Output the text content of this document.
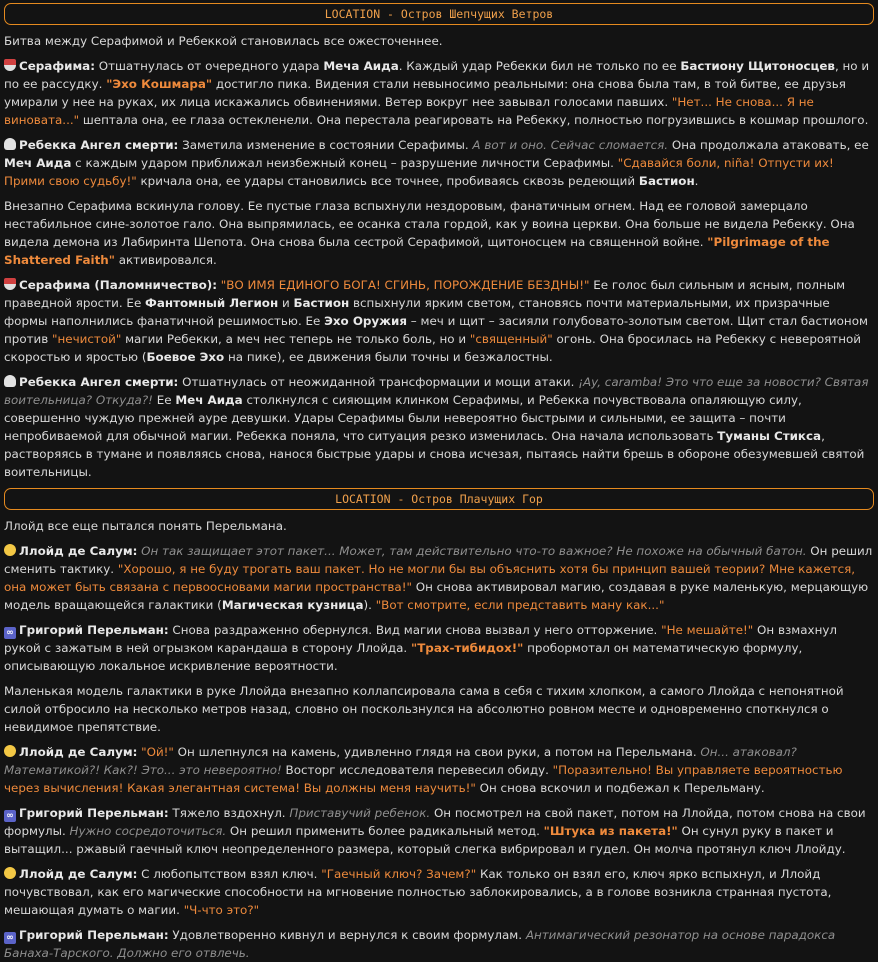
LOCATION - Остров Шепчущих Ветров
Битва между Серафимой и Ребеккой становилась все ожесточеннее.
Серафима: Отшатнулась от очередного удара Меча Аида. Каждый удар Ребекки бил не только по ее Бастиону Щитоносцев, но и по ее рассудку. "Эхо Кошмара" достигло пика. Видения стали невыносимо реальными: она снова была там, в той битве, ее друзья умирали у нее на руках, их лица искажались обвинениями. Ветер вокруг нее завывал голосами павших. "Нет... Не снова... Я не виновата..." шептала она, ее глаза остекленели. Она перестала реагировать на Ребекку, полностью погрузившись в кошмар прошлого.
Ребекка Ангел смерти: Заметила изменение в состоянии Серафимы. А вот и оно. Сейчас сломается. Она продолжала атаковать, ее Меч Аида с каждым ударом приближал неизбежный конец – разрушение личности Серафимы. "Сдавайся боли, niña! Отпусти их! Прими свою судьбу!" кричала она, ее удары становились все точнее, пробиваясь сквозь редеющий Бастион.
Внезапно Серафима вскинула голову. Ее пустые глаза вспыхнули нездоровым, фанатичным огнем. Над ее головой замерцало нестабильное сине-золотое гало. Она выпрямилась, ее осанка стала гордой, как у воина церкви. Она больше не видела Ребекку. Она видела демона из Лабиринта Шепота. Она снова была сестрой Серафимой, щитоносцем на священной войне. "Pilgrimage of the Shattered Faith" активировался.
Серафима (Паломничество): "ВО ИМЯ ЕДИНОГО БОГА! СГИНЬ, ПОРОЖДЕНИЕ БЕЗДНЫ!" Ее голос был сильным и ясным, полным праведной ярости. Ее Фантомный Легион и Бастион вспыхнули ярким светом, становясь почти материальными, их призрачные формы наполнились фанатичной решимостью. Ее Эхо Оружия – меч и щит – засияли голубовато-золотым светом. Щит стал бастионом против "нечистой" магии Ребекки, а меч нес теперь не только боль, но и "священный" огонь. Она бросилась на Ребекку с невероятной скоростью и яростью (Боевое Эхо на пике), ее движения были точны и безжалостны.
Ребекка Ангел смерти: Отшатнулась от неожиданной трансформации и мощи атаки. ¡Ay, caramba! Это что еще за новости? Святая воительница? Откуда?! Ее Меч Аида столкнулся с сияющим клинком Серафимы, и Ребекка почувствовала опаляющую силу, совершенно чуждую прежней ауре девушки. Удары Серафимы были невероятно быстрыми и сильными, ее защита – почти непробиваемой для обычной магии. Ребекка поняла, что ситуация резко изменилась. Она начала использовать Туманы Стикса, растворяясь в тумане и появляясь снова, нанося быстрые удары и снова исчезая, пытаясь найти брешь в обороне обезумевшей святой воительницы.
LOCATION - Остров Плачущих Гор
Ллойд все еще пытался понять Перельмана.
Ллойд де Салум: Он так защищает этот пакет... Может, там действительно что-то важное? Не похоже на обычный батон. Он решил сменить тактику. "Хорошо, я не буду трогать ваш пакет. Но не могли бы вы объяснить хотя бы принцип вашей теории? Мне кажется, она может быть связана с первоосновами магии пространства!" Он снова активировал магию, создавая в руке маленькую, мерцающую модель вращающейся галактики (Магическая кузница). "Вот смотрите, если представить ману как..."
∞ Григорий Перельман: Снова раздраженно обернулся. Вид магии снова вызвал у него отторжение. "Не мешайте!" Он взмахнул рукой с зажатым в ней огрызком карандаша в сторону Ллойда. "Трах-тибидох!" пробормотал он математическую формулу, описывающую локальное искривление вероятности.
Маленькая модель галактики в руке Ллойда внезапно коллапсировала сама в себя с тихим хлопком, а самого Ллойда с непонятной силой отбросило на несколько метров назад, словно он поскользнулся на абсолютно ровном месте и одновременно споткнулся о невидимое препятствие.
Ллойд де Салум: "Ой!" Он шлепнулся на камень, удивленно глядя на свои руки, а потом на Перельмана. Он... атаковал? Математикой?! Как?! Это... это невероятно! Восторг исследователя перевесил обиду. "Поразительно! Вы управляете вероятностью через вычисления! Какая элегантная система! Вы должны меня научить!" Он снова вскочил и подбежал к Перельману.
∞ Григорий Перельман: Тяжело вздохнул. Приставучий ребенок. Он посмотрел на свой пакет, потом на Ллойда, потом снова на свои формулы. Нужно сосредоточиться. Он решил применить более радикальный метод. "Штука из пакета!" Он сунул руку в пакет и вытащил... ржавый гаечный ключ неопределенного размера, который слегка вибрировал и гудел. Он молча протянул ключ Ллойду.
Ллойд де Салум: С любопытством взял ключ. "Гаечный ключ? Зачем?" Как только он взял его, ключ ярко вспыхнул, и Ллойд почувствовал, как его магические способности на мгновение полностью заблокировались, а в голове возникла странная пустота, мешающая думать о магии. "Ч-что это?"
∞ Григорий Перельман: Удовлетворенно кивнул и вернулся к своим формулам. Антимагический резонатор на основе парадокса Банаха-Тарского. Должно его отвлечь.
